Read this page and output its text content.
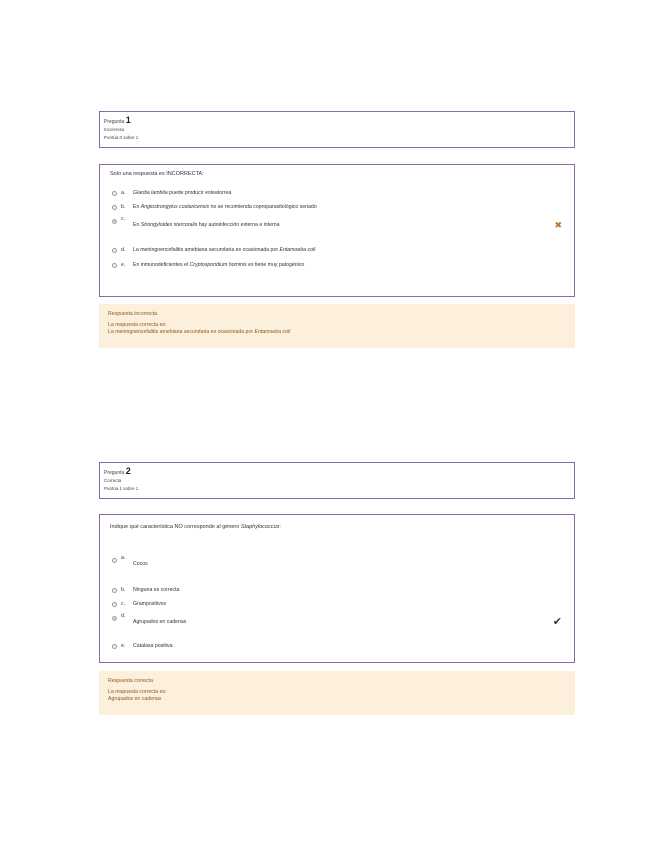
Pregunta 1
Incorrecta
Puntúa 0 sobre 1
Solo una respuesta es INCORRECTA:
a.	Giardia lamblia puede producir esteatorrea
b.	En Angiostrongylus costaricensis no se recomienda coproparasitológico seriado
c.
En Strongyloides stercoralis hay autoinfección externa e interna	✖
d.	La meningoencefalitis amebiana secundaria es ocasionada por Entamoeba coli
e.	En inmunodeficientes el Cryptosporidium hominis es tiene muy patogénico
Respuesta incorrecta.
La respuesta correcta es:
La meningoencefalitis amebiana secundaria es ocasionada por Entamoeba coli
Pregunta 2
Correcta
Puntúa 1 sobre 1
Indique qué característica NO corresponde al género Staphylococcus:
a.
Cocos
b.	Ninguna es correcta
c.	Grampositivos
d.
Agrupados en cadenas	✔
e.	Catalasa positiva
Respuesta correcta
La respuesta correcta es:
Agrupados en cadenas
